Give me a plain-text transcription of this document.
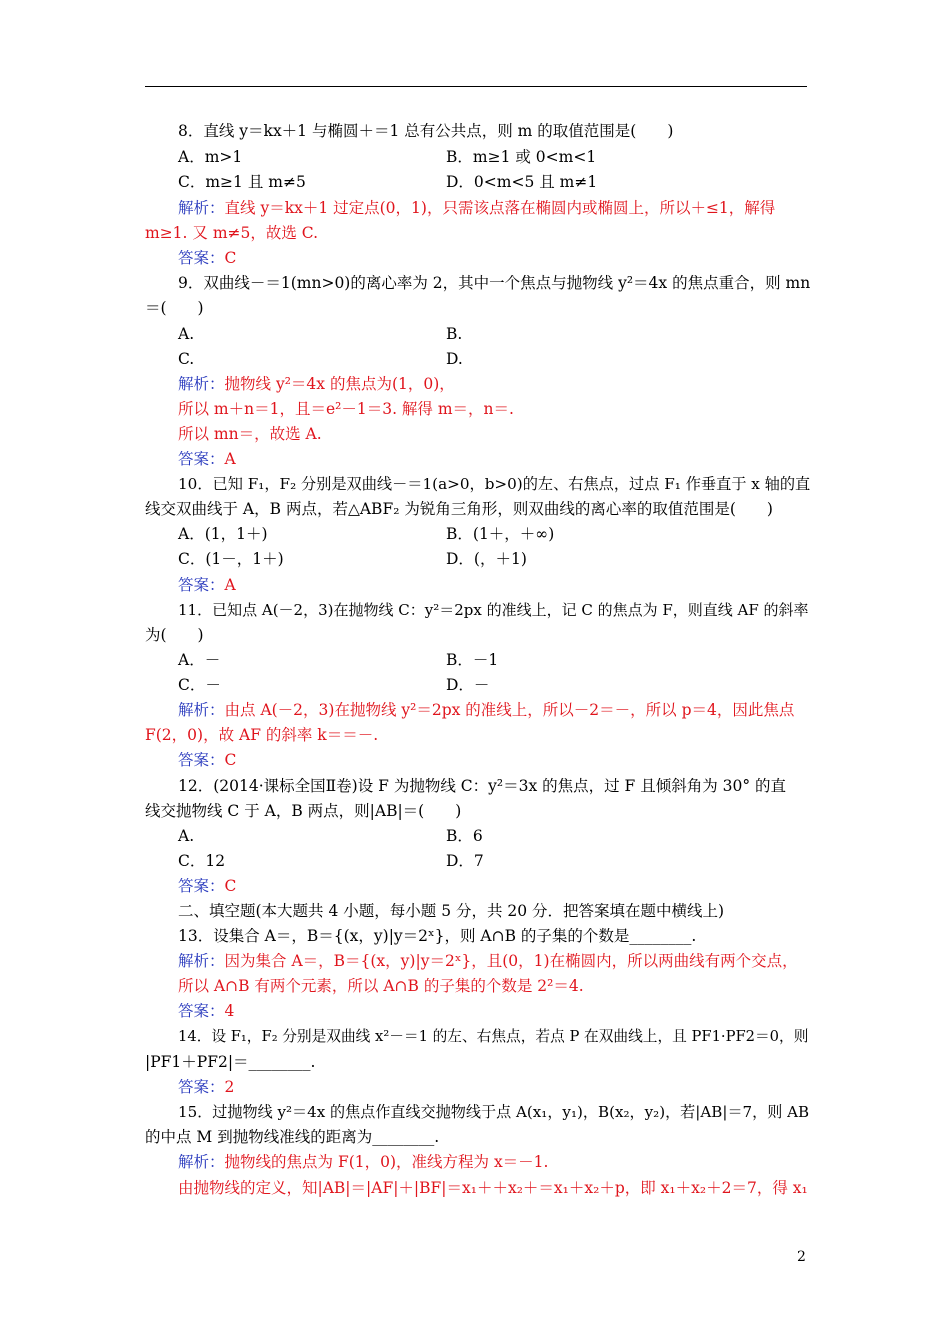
8．直线 y＝kx＋1 与椭圆＋＝1 总有公共点，则 m 的取值范围是(　　)
A．m>1	B．m≥1 或 0<m<1
C．m≥1 且 m≠5	D．0<m<5 且 m≠1
解析：直线 y＝kx＋1 过定点(0，1)，只需该点落在椭圆内或椭圆上，所以＋≤1，解得
m≥1. 又 m≠5，故选 C.
答案：C
9．双曲线－＝1(mn>0)的离心率为 2，其中一个焦点与抛物线 y²＝4x 的焦点重合，则 mn
＝(　　)
A.	B.
C.	D.
解析：抛物线 y²＝4x 的焦点为(1，0)，
所以 m＋n＝1，且＝e²－1＝3. 解得 m＝，n＝.
所以 mn＝，故选 A.
答案：A
10．已知 F₁，F₂ 分别是双曲线－＝1(a>0，b>0)的左、右焦点，过点 F₁ 作垂直于 x 轴的直
线交双曲线于 A，B 两点，若△ABF₂ 为锐角三角形，则双曲线的离心率的取值范围是(　　)
A．(1，1＋)	B．(1＋，＋∞)
C．(1－，1＋)	D．(，＋1)
答案：A
11．已知点 A(－2，3)在抛物线 C：y²＝2px 的准线上，记 C 的焦点为 F，则直线 AF 的斜率
为(　　)
A．－	B．－1
C．－	D．－
解析：由点 A(－2，3)在抛物线 y²＝2px 的准线上，所以－2＝－，所以 p＝4，因此焦点
F(2，0)，故 AF 的斜率 k＝＝－.
答案：C
12．(2014·课标全国Ⅱ卷)设 F 为抛物线 C：y²＝3x 的焦点，过 F 且倾斜角为 30° 的直
线交抛物线 C 于 A，B 两点，则|AB|＝(　　)
A.	B．6
C．12	D．7
答案：C
二、填空题(本大题共 4 小题，每小题 5 分，共 20 分．把答案填在题中横线上)
13．设集合 A＝，B＝{(x，y)|y＝2ˣ}，则 A∩B 的子集的个数是________.
解析：因为集合 A＝，B＝{(x，y)|y＝2ˣ}，且(0，1)在椭圆内，所以两曲线有两个交点，
所以 A∩B 有两个元素，所以 A∩B 的子集的个数是 2²＝4.
答案：4
14．设 F₁，F₂ 分别是双曲线 x²－＝1 的左、右焦点，若点 P 在双曲线上，且 PF1·PF2＝0，则
|PF1＋PF2|＝________.
答案：2
15．过抛物线 y²＝4x 的焦点作直线交抛物线于点 A(x₁，y₁)，B(x₂，y₂)，若|AB|＝7，则 AB
的中点 M 到抛物线准线的距离为________.
解析：抛物线的焦点为 F(1，0)，准线方程为 x＝－1.
由抛物线的定义，知|AB|＝|AF|＋|BF|＝x₁＋＋x₂＋＝x₁＋x₂＋p，即 x₁＋x₂＋2＝7，得 x₁
2
